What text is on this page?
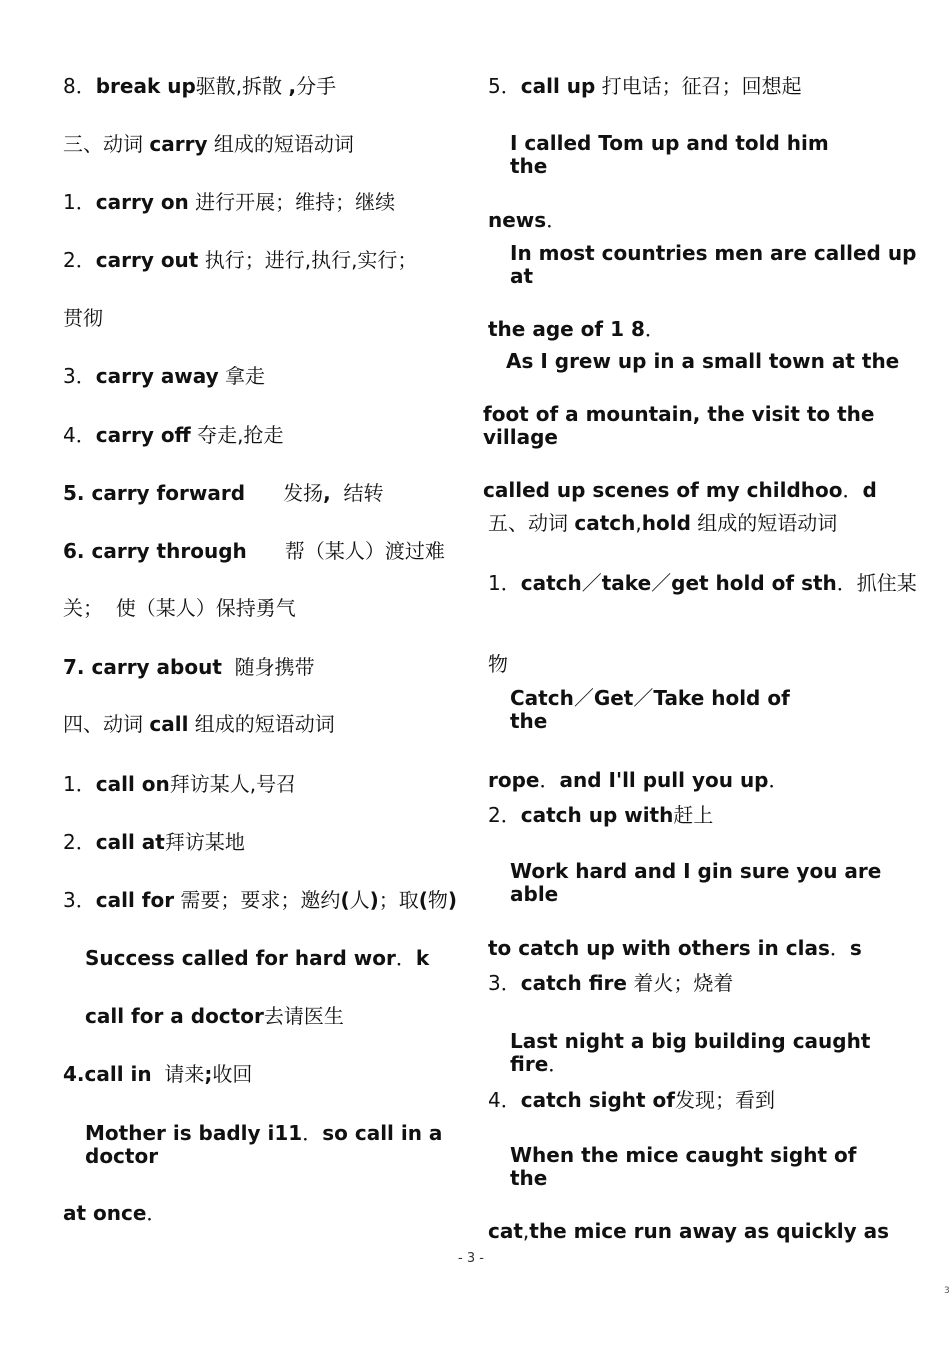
8．break up驱散,拆散 ,分手
三、动词 carry 组成的短语动词
1．carry on 进行开展；维持；继续
2．carry out 执行；进行,执行,实行；
贯彻
3．carry away 拿走
4．carry off 夺走,抢走
5. carry forward      发扬,  结转
6. carry through      帮（某人）渡过难
关；  使（某人）保持勇气
7. carry about  随身携带
四、动词 call 组成的短语动词
1．call on拜访某人,号召
2．call at拜访某地
3．call for 需要；要求；邀约(人)；取(物)
Success called for hard wor．k
call for a doctor去请医生
4.call in  请来;收回
Mother is badly i11．so call in a doctor
at once．
5．call up 打电话；征召；回想起
I called Tom up and told him the
news．
In most countries men are called up at
the age of 1 8．
As I grew up in a small town at the
foot of a mountain, the visit to the village
called up scenes of my childhoo．d
五、动词 catch,hold 组成的短语动词
1．catch／take／get hold of sth．抓住某
物
Catch／Get／Take hold of the
rope．and I'll pull you up．
2．catch up with赶上
Work hard and I gin sure you are able
to catch up with others in clas．s
3．catch fire 着火；烧着
Last night a big building caught fire．
4．catch sight of发现；看到
When the mice caught sight of the
cat,the mice run away as quickly as
- 3 -
3
